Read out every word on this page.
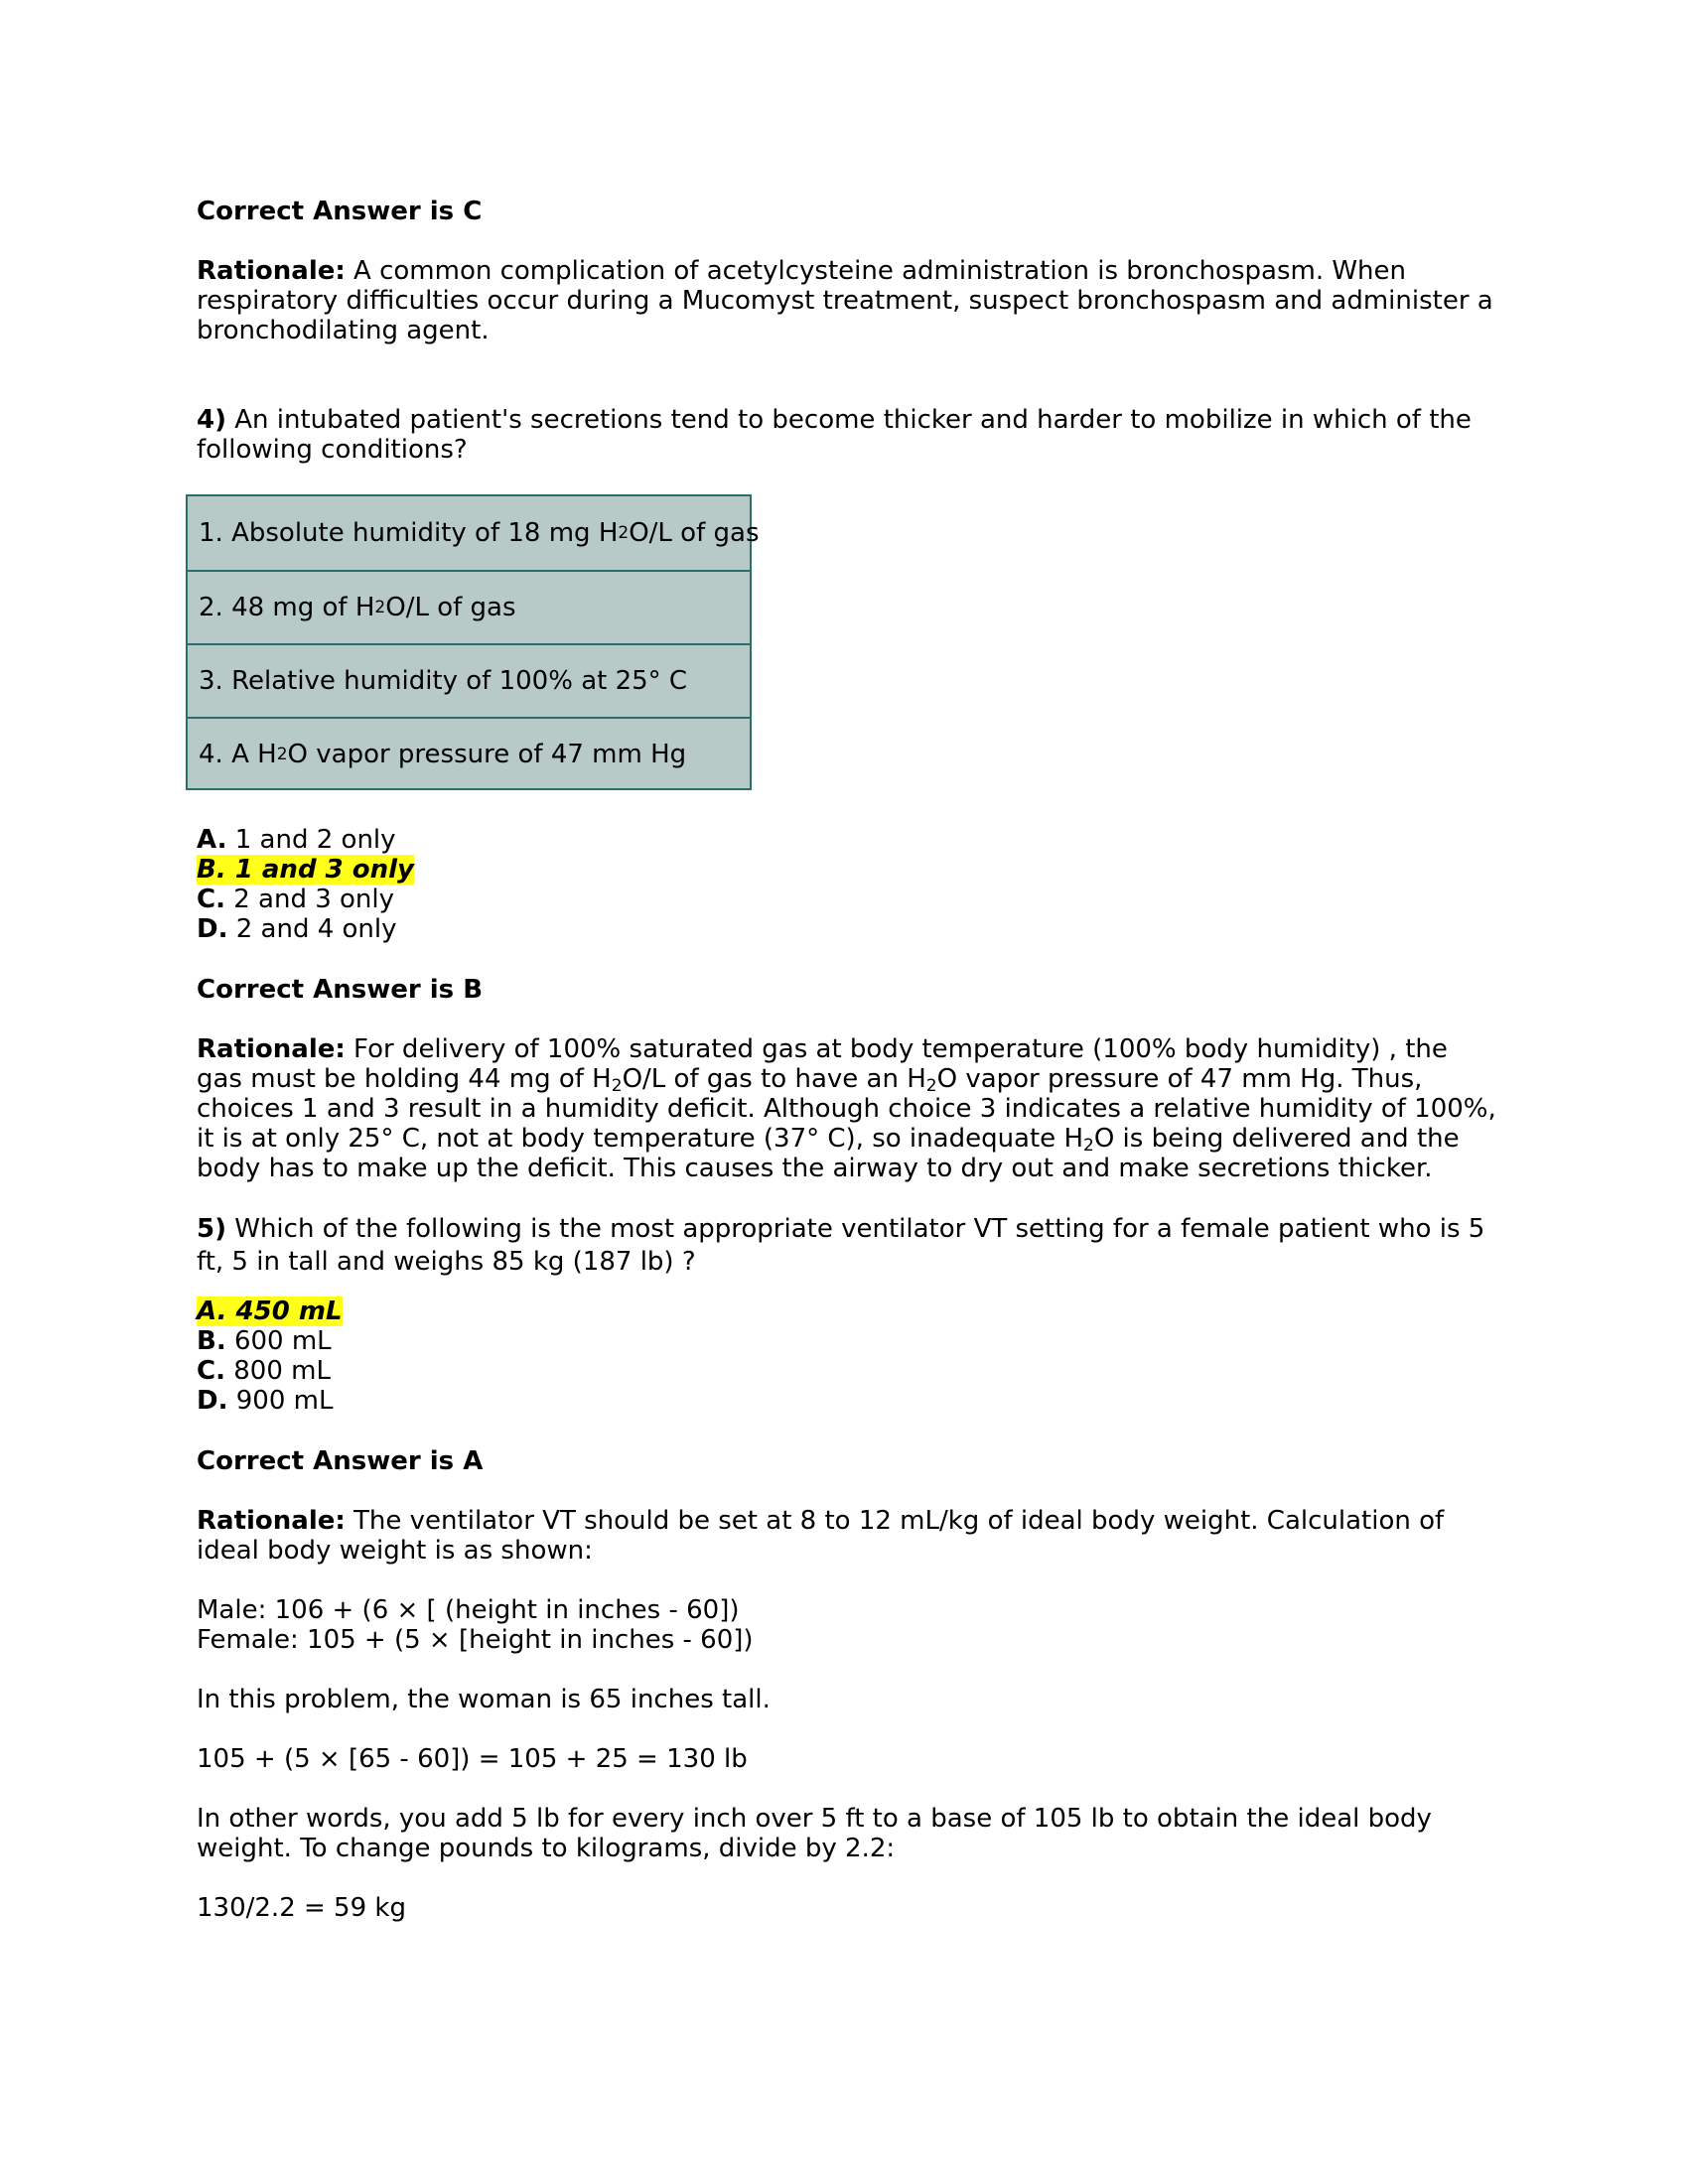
Correct Answer is C

Rationale: A common complication of acetylcysteine administration is bronchospasm. When respiratory difficulties occur during a Mucomyst treatment, suspect bronchospasm and administer a bronchodilating agent.

4) An intubated patient's secretions tend to become thicker and harder to mobilize in which of the following conditions?

1. Absolute humidity of 18 mg H 2 O/L of gas
2. 48 mg of H 2 O/L of gas
3. Relative humidity of 100% at 25° C
4. A H 2 O vapor pressure of 47 mm Hg
A. 1 and 2 only
B. 1 and 3 only
C. 2 and 3 only
D. 2 and 4 only

Correct Answer is B

Rationale: For delivery of 100% saturated gas at body temperature (100% body humidity) , the gas must be holding 44 mg of $H_2O/L$ of gas to have an $H_2O$ vapor pressure of 47 mm Hg. Thus, choices 1 and 3 result in a humidity deficit. Although choice 3 indicates a relative humidity of 100%, it is at only 25° C, not at body temperature (37° C), so inadequate $H_2O$ is being delivered and the body has to make up the deficit. This causes the airway to dry out and make secretions thicker.

5) Which of the following is the most appropriate ventilator VT setting for a female patient who is 5 ft, 5 in tall and weighs 85 kg (187 lb) ?

A. 450 mL
B. 600 mL
C. 800 mL
D. 900 mL

Correct Answer is A

Rationale: The ventilator VT should be set at 8 to 12 mL/kg of ideal body weight. Calculation of ideal body weight is as shown:

Male: 106 + (6 × [ (height in inches - 60])

Female: 105 + (5 × [height in inches - 60])

In this problem, the woman is 65 inches tall.

105 + (5 × [65 - 60]) = 105 + 25 = 130 lb

In other words, you add 5 lb for every inch over 5 ft to a base of 105 lb to obtain the ideal body weight. To change pounds to kilograms, divide by 2.2:

130/2.2 = 59 kg
